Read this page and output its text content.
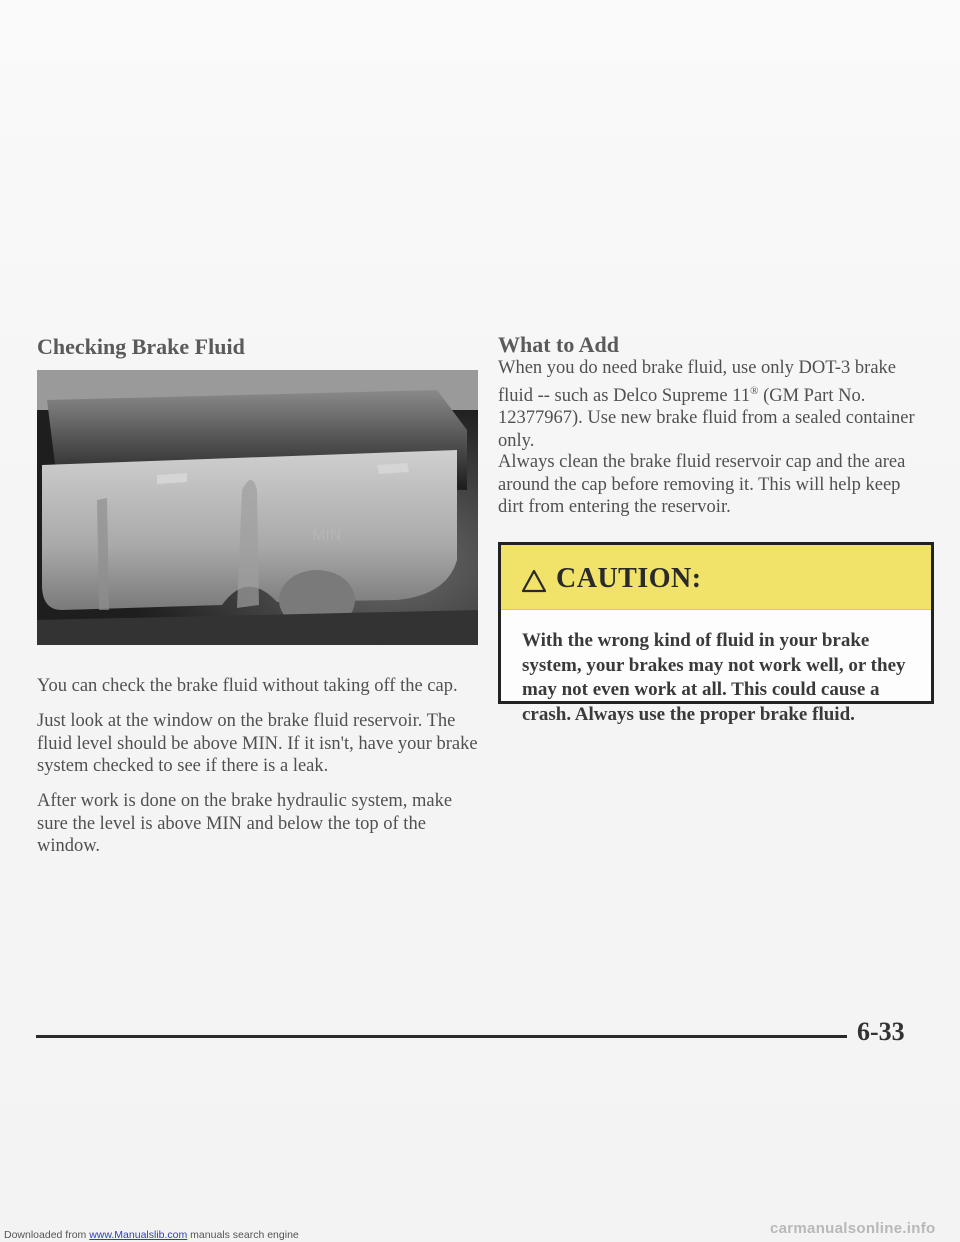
Checking Brake Fluid
MIN

You can check the brake fluid without taking off the cap.

Just look at the window on the brake fluid reservoir. The fluid level should be above MIN. If it isn't, have your brake system checked to see if there is a leak.

After work is done on the brake hydraulic system, make sure the level is above MIN and below the top of the window.

What to Add

When you do need brake fluid, use only DOT-3 brake fluid -- such as Delco Supreme 11® (GM Part No. 12377967). Use new brake fluid from a sealed container only.

Always clean the brake fluid reservoir cap and the area around the cap before removing it. This will help keep dirt from entering the reservoir.

CAUTION:

With the wrong kind of fluid in your brake system, your brakes may not work well, or they may not even work at all. This could cause a crash. Always use the proper brake fluid.

6-33
Downloaded from www.Manualslib.com manuals search engine	carmanualsonline.info
